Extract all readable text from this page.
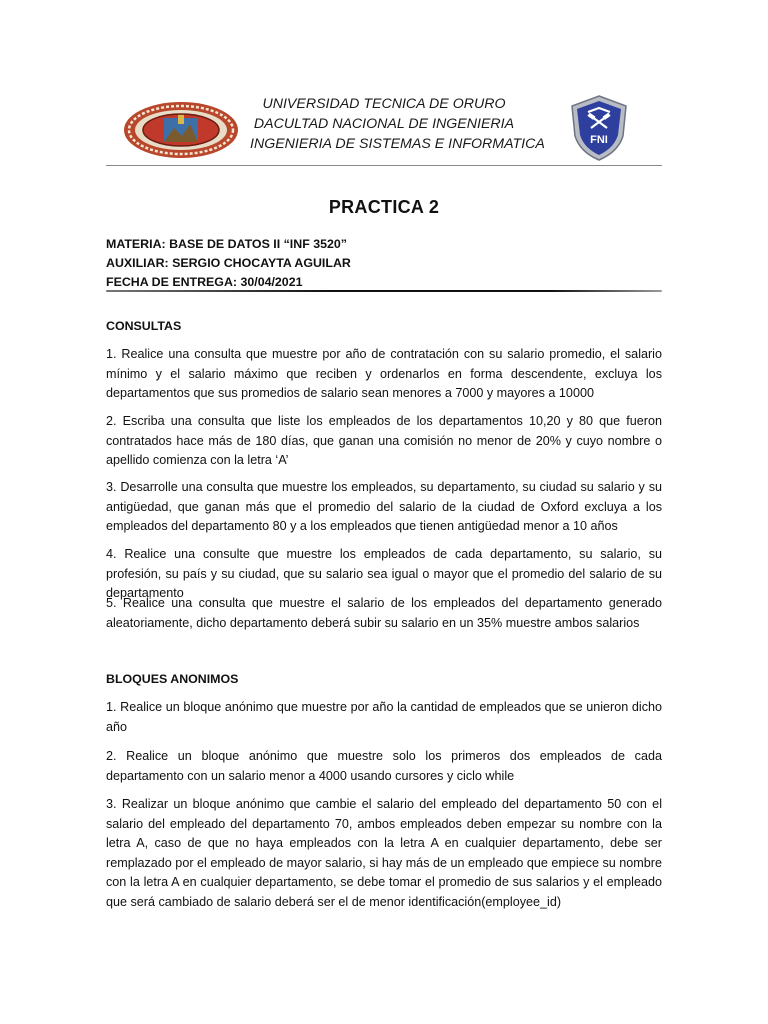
UNIVERSIDAD TECNICA DE ORURO
DACULTAD NACIONAL DE INGENIERIA
INGENIERIA DE SISTEMAS E INFORMATICA	FNI
PRACTICA 2
MATERIA: BASE DE DATOS II “INF 3520”
AUXILIAR: SERGIO CHOCAYTA AGUILAR
FECHA DE ENTREGA: 30/04/2021
CONSULTAS
1. Realice una consulta que muestre por año de contratación con su salario promedio, el salario mínimo y el salario máximo que reciben y ordenarlos en forma descendente, excluya los departamentos que sus promedios de salario sean menores a 7000 y mayores a 10000
2. Escriba una consulta que liste los empleados de los departamentos 10,20 y 80 que fueron contratados hace más de 180 días, que ganan una comisión no menor de 20% y cuyo nombre o apellido comienza con la letra ‘A’
3. Desarrolle una consulta que muestre los empleados, su departamento, su ciudad su salario y su antigüedad, que ganan más que el promedio del salario de la ciudad de Oxford excluya a los empleados del departamento 80 y a los empleados que tienen antigüedad menor a 10 años
4. Realice una consulte que muestre los empleados de cada departamento, su salario, su profesión, su país y su ciudad, que su salario sea igual o mayor que el promedio del salario de su departamento
5. Realice una consulta que muestre el salario de los empleados del departamento generado aleatoriamente, dicho departamento deberá subir su salario en un 35% muestre ambos salarios
BLOQUES ANONIMOS
1. Realice un bloque anónimo que muestre por año la cantidad de empleados que se unieron dicho año
2. Realice un bloque anónimo que muestre solo los primeros dos empleados de cada departamento con un salario menor a 4000 usando cursores y ciclo while
3. Realizar un bloque anónimo que cambie el salario del empleado del departamento 50 con el salario del empleado del departamento 70, ambos empleados deben empezar su nombre con la letra A, caso de que no haya empleados con la letra A en cualquier departamento, debe ser remplazado por el empleado de mayor salario, si hay más de un empleado que empiece su nombre con la letra A en cualquier departamento, se debe tomar el promedio de sus salarios y el empleado que será cambiado de salario deberá ser el de menor identificación(employee_id)
